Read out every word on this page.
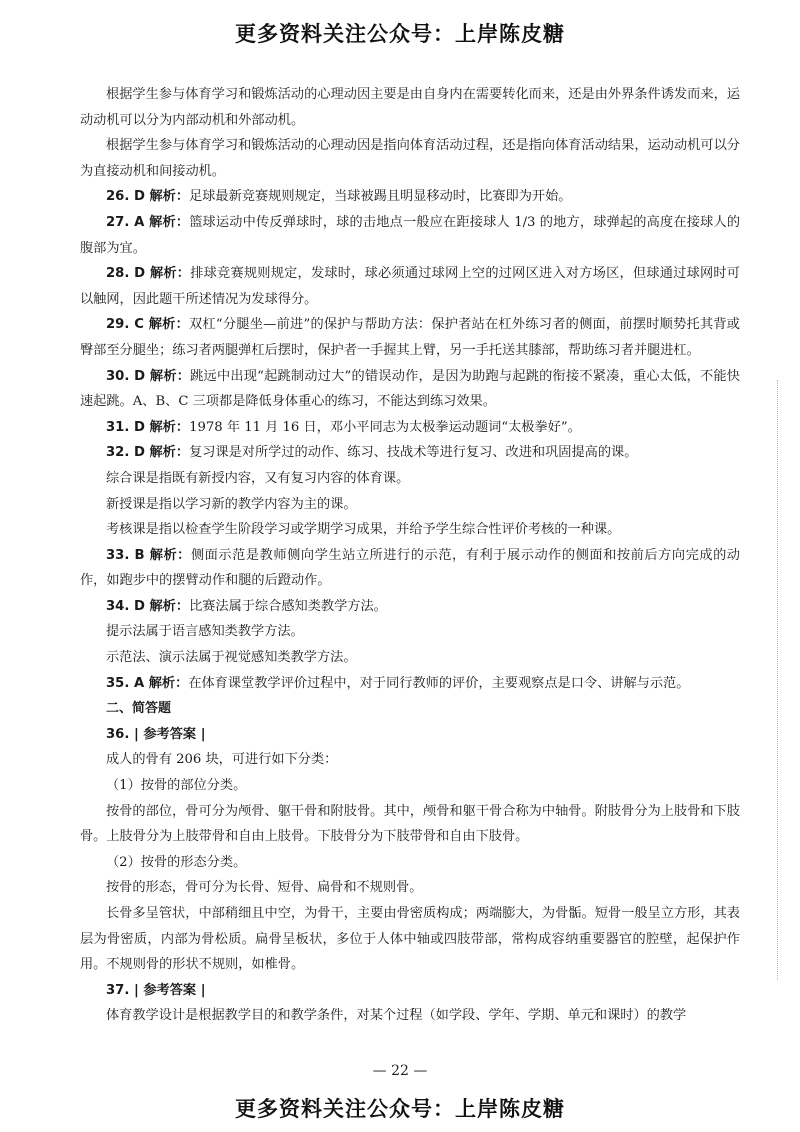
更多资料关注公众号：上岸陈皮糖

根据学生参与体育学习和锻炼活动的心理动因主要是由自身内在需要转化而来，还是由外界条件诱发而来，运动动机可以分为内部动机和外部动机。

根据学生参与体育学习和锻炼活动的心理动因是指向体育活动过程，还是指向体育活动结果，运动动机可以分为直接动机和间接动机。

26. D 解析：足球最新竞赛规则规定，当球被踢且明显移动时，比赛即为开始。

27. A 解析：篮球运动中传反弹球时，球的击地点一般应在距接球人 1/3 的地方，球弹起的高度在接球人的腹部为宜。

28. D 解析：排球竞赛规则规定，发球时，球必须通过球网上空的过网区进入对方场区，但球通过球网时可以触网，因此题干所述情况为发球得分。

29. C 解析：双杠“分腿坐—前进”的保护与帮助方法：保护者站在杠外练习者的侧面，前摆时顺势托其背或臀部至分腿坐；练习者两腿弹杠后摆时，保护者一手握其上臂，另一手托送其膝部，帮助练习者并腿进杠。

30. D 解析：跳远中出现“起跳制动过大”的错误动作，是因为助跑与起跳的衔接不紧凑，重心太低，不能快速起跳。A、B、C 三项都是降低身体重心的练习，不能达到练习效果。

31. D 解析：1978 年 11 月 16 日，邓小平同志为太极拳运动题词“太极拳好”。

32. D 解析：复习课是对所学过的动作、练习、技战术等进行复习、改进和巩固提高的课。

综合课是指既有新授内容，又有复习内容的体育课。

新授课是指以学习新的教学内容为主的课。

考核课是指以检查学生阶段学习或学期学习成果，并给予学生综合性评价考核的一种课。

33. B 解析：侧面示范是教师侧向学生站立所进行的示范，有利于展示动作的侧面和按前后方向完成的动作，如跑步中的摆臂动作和腿的后蹬动作。

34. D 解析：比赛法属于综合感知类教学方法。

提示法属于语言感知类教学方法。

示范法、演示法属于视觉感知类教学方法。

35. A 解析：在体育课堂教学评价过程中，对于同行教师的评价，主要观察点是口令、讲解与示范。

二、简答题

36. | 参考答案 |

成人的骨有 206 块，可进行如下分类：

（1）按骨的部位分类。

按骨的部位，骨可分为颅骨、躯干骨和附肢骨。其中，颅骨和躯干骨合称为中轴骨。附肢骨分为上肢骨和下肢骨。上肢骨分为上肢带骨和自由上肢骨。下肢骨分为下肢带骨和自由下肢骨。

（2）按骨的形态分类。

按骨的形态，骨可分为长骨、短骨、扁骨和不规则骨。

长骨多呈管状，中部稍细且中空，为骨干，主要由骨密质构成；两端膨大，为骨骺。短骨一般呈立方形，其表层为骨密质，内部为骨松质。扁骨呈板状，多位于人体中轴或四肢带部，常构成容纳重要器官的腔壁，起保护作用。不规则骨的形状不规则，如椎骨。

37. | 参考答案 |

体育教学设计是根据教学目的和教学条件，对某个过程（如学段、学年、学期、单元和课时）的教学

— 22 —
更多资料关注公众号：上岸陈皮糖
